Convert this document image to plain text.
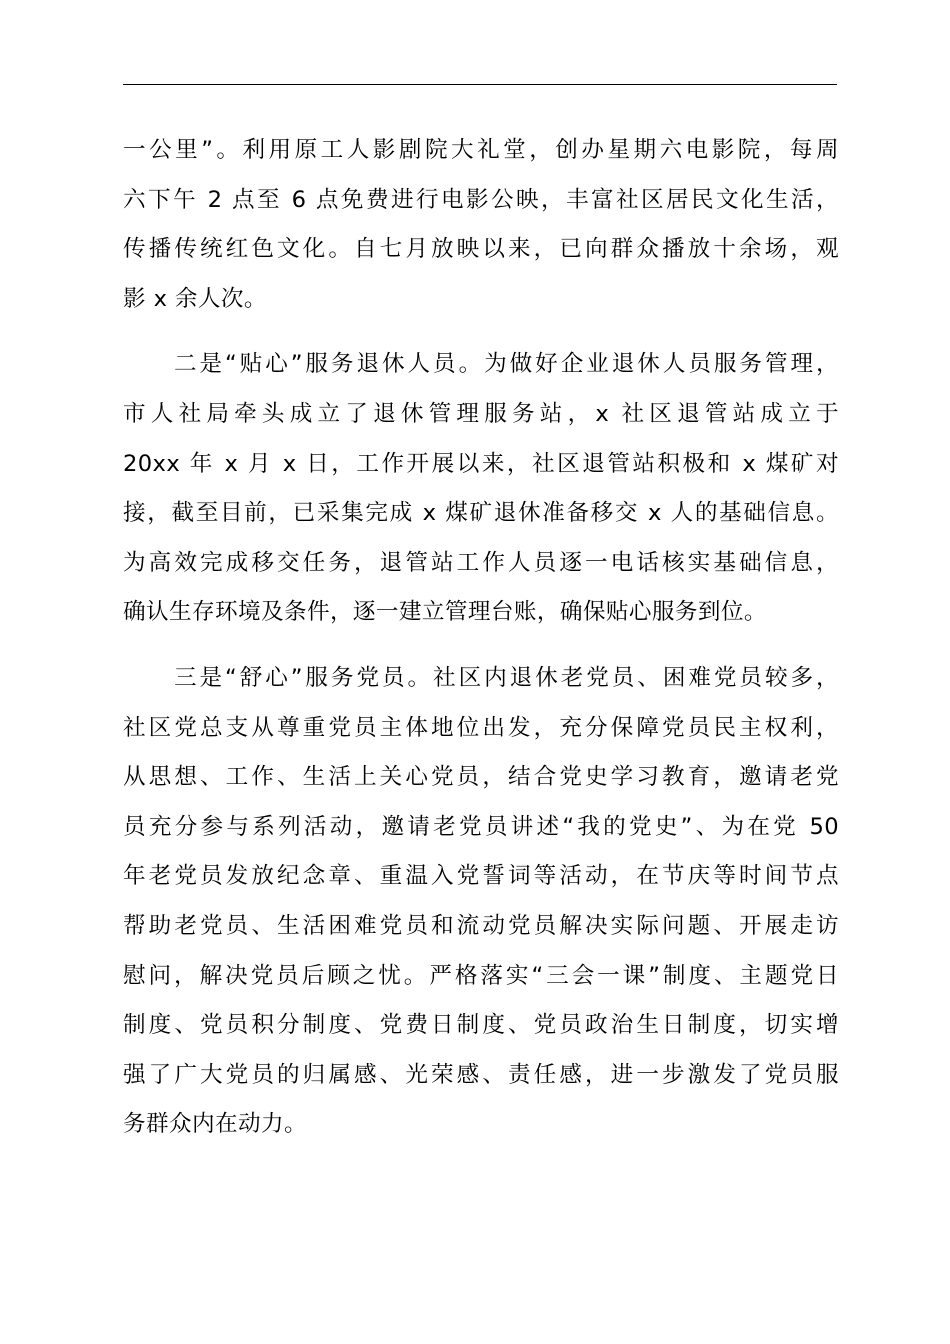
一公里”。利用原工人影剧院大礼堂，创办星期六电影院，每周
六下午 2 点至 6 点免费进行电影公映，丰富社区居民文化生活，
传播传统红色文化。自七月放映以来，已向群众播放十余场，观
影 x 余人次。

二是“贴心”服务退休人员。为做好企业退休人员服务管理，
市人社局牵头成立了退休管理服务站，x 社区退管站成立于
20xx 年 x 月 x 日，工作开展以来，社区退管站积极和 x 煤矿对
接，截至目前，已采集完成 x 煤矿退休准备移交 x 人的基础信息。
为高效完成移交任务，退管站工作人员逐一电话核实基础信息，
确认生存环境及条件，逐一建立管理台账，确保贴心服务到位。

三是“舒心”服务党员。社区内退休老党员、困难党员较多，
社区党总支从尊重党员主体地位出发，充分保障党员民主权利，
从思想、工作、生活上关心党员，结合党史学习教育，邀请老党
员充分参与系列活动，邀请老党员讲述“我的党史”、为在党 50
年老党员发放纪念章、重温入党誓词等活动，在节庆等时间节点
帮助老党员、生活困难党员和流动党员解决实际问题、开展走访
慰问，解决党员后顾之忧。严格落实“三会一课”制度、主题党日
制度、党员积分制度、党费日制度、党员政治生日制度，切实增
强了广大党员的归属感、光荣感、责任感，进一步激发了党员服
务群众内在动力。
